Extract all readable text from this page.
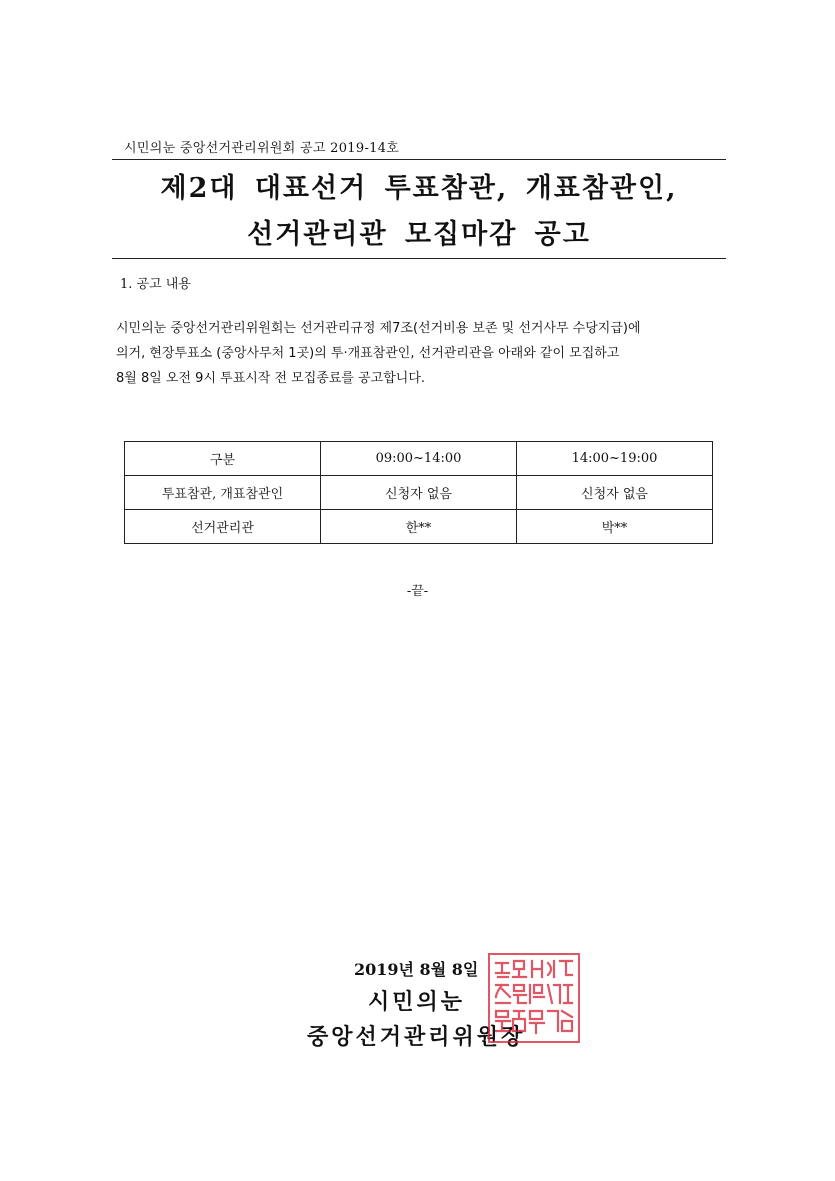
시민의눈 중앙선거관리위원회 공고 2019-14호
제2대 대표선거 투표참관, 개표참관인,
선거관리관 모집마감 공고
1. 공고 내용
시민의눈 중앙선거관리위원회는 선거관리규정 제7조(선거비용 보존 및 선거사무 수당지급)에
의거, 현장투표소 (중앙사무처 1곳)의 투·개표참관인, 선거관리관을 아래와 같이 모집하고
8월 8일 오전 9시 투표시작 전 모집종료를 공고합니다.
구분	09:00~14:00	14:00~19:00
투표참관, 개표참관인	신청자 없음	신청자 없음
선거관리관	한**	박**
-끝-
2019년 8월 8일
시민의눈
중앙선거관리위원장
